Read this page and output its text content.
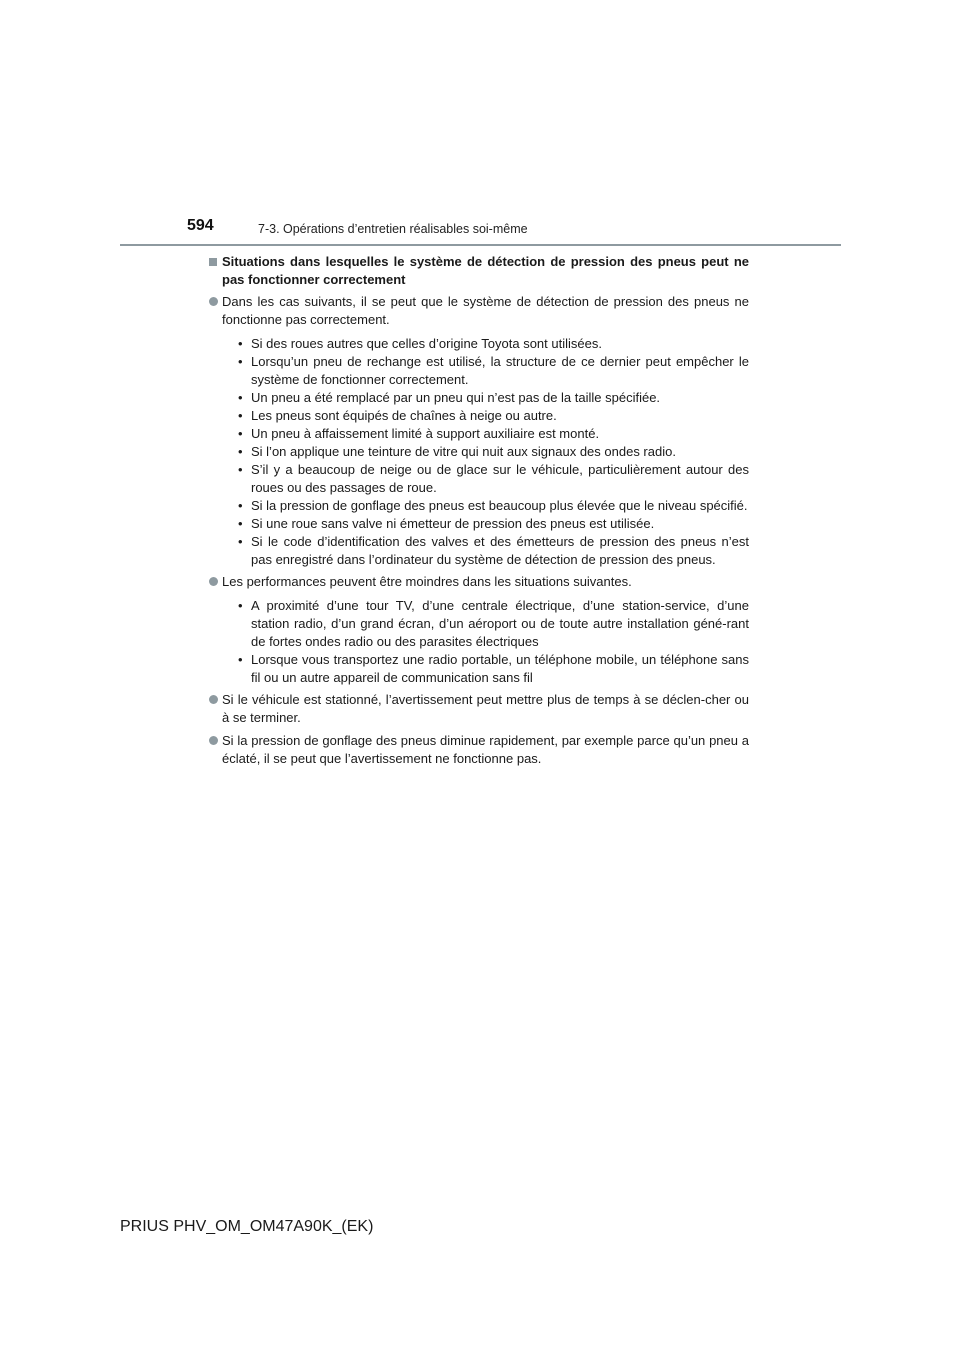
594	7-3. Opérations d’entretien réalisables soi-même
Situations dans lesquelles le système de détection de pression des pneus peut ne pas fonctionner correctement
Dans les cas suivants, il se peut que le système de détection de pression des pneus ne fonctionne pas correctement.
• Si des roues autres que celles d’origine Toyota sont utilisées.
• Lorsqu’un pneu de rechange est utilisé, la structure de ce dernier peut empêcher le système de fonctionner correctement.
• Un pneu a été remplacé par un pneu qui n’est pas de la taille spécifiée.
• Les pneus sont équipés de chaînes à neige ou autre.
• Un pneu à affaissement limité à support auxiliaire est monté.
• Si l’on applique une teinture de vitre qui nuit aux signaux des ondes radio.
• S’il y a beaucoup de neige ou de glace sur le véhicule, particulièrement autour des roues ou des passages de roue.
• Si la pression de gonflage des pneus est beaucoup plus élevée que le niveau spécifié.
• Si une roue sans valve ni émetteur de pression des pneus est utilisée.
• Si le code d’identification des valves et des émetteurs de pression des pneus n’est pas enregistré dans l’ordinateur du système de détection de pression des pneus.
Les performances peuvent être moindres dans les situations suivantes.
• A proximité d’une tour TV, d’une centrale électrique, d’une station-service, d’une station radio, d’un grand écran, d’un aéroport ou de toute autre installation géné-rant de fortes ondes radio ou des parasites électriques
• Lorsque vous transportez une radio portable, un téléphone mobile, un téléphone sans fil ou un autre appareil de communication sans fil
Si le véhicule est stationné, l’avertissement peut mettre plus de temps à se déclen-cher ou à se terminer.
Si la pression de gonflage des pneus diminue rapidement, par exemple parce qu’un pneu a éclaté, il se peut que l’avertissement ne fonctionne pas.
PRIUS PHV_OM_OM47A90K_(EK)
